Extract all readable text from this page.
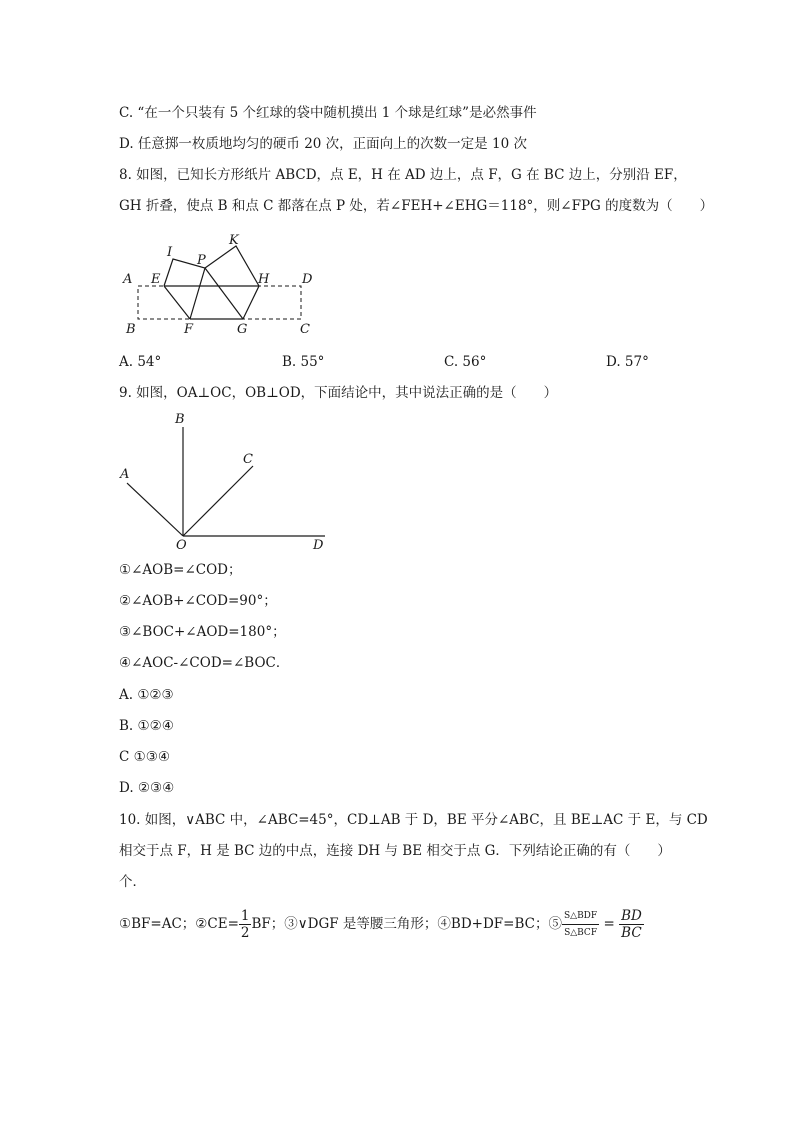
C. “在一个只装有 5 个红球的袋中随机摸出 1 个球是红球”是必然事件
D. 任意掷一枚质地均匀的硬币 20 次，正面向上的次数一定是 10 次
8. 如图，已知长方形纸片 ABCD，点 E，H 在 AD 边上，点 F，G 在 BC 边上，分别沿 EF，
GH 折叠，使点 B 和点 C 都落在点 P 处，若∠FEH+∠EHG＝118°，则∠FPG 的度数为（　　）
A
B	C
D
E
F	G
H
I
K
P
A. 54°	B. 55°	C. 56°	D. 57°
9. 如图，OA⊥OC，OB⊥OD，下面结论中，其中说法正确的是（　　）
B
A
C
O	D
①∠AOB=∠COD；
②∠AOB+∠COD=90°；
③∠BOC+∠AOD=180°；
④∠AOC-∠COD=∠BOC．
A. ①②③
B. ①②④
C ①③④
D. ②③④
10. 如图，∨ABC 中，∠ABC=45°，CD⊥AB 于 D，BE 平分∠ABC，且 BE⊥AC 于 E，与 CD
相交于点 F，H 是 BC 边的中点，连接 DH 与 BE 相交于点 G．下列结论正确的有（　　）
个．
①BF=AC；②CE= $\frac{1}{2}$ BF；③∨DGF 是等腰三角形；④BD+DF=BC；⑤ $\frac{\text{S△BDF}}{\text{S△BCF}} = \frac{BD}{BC}$
